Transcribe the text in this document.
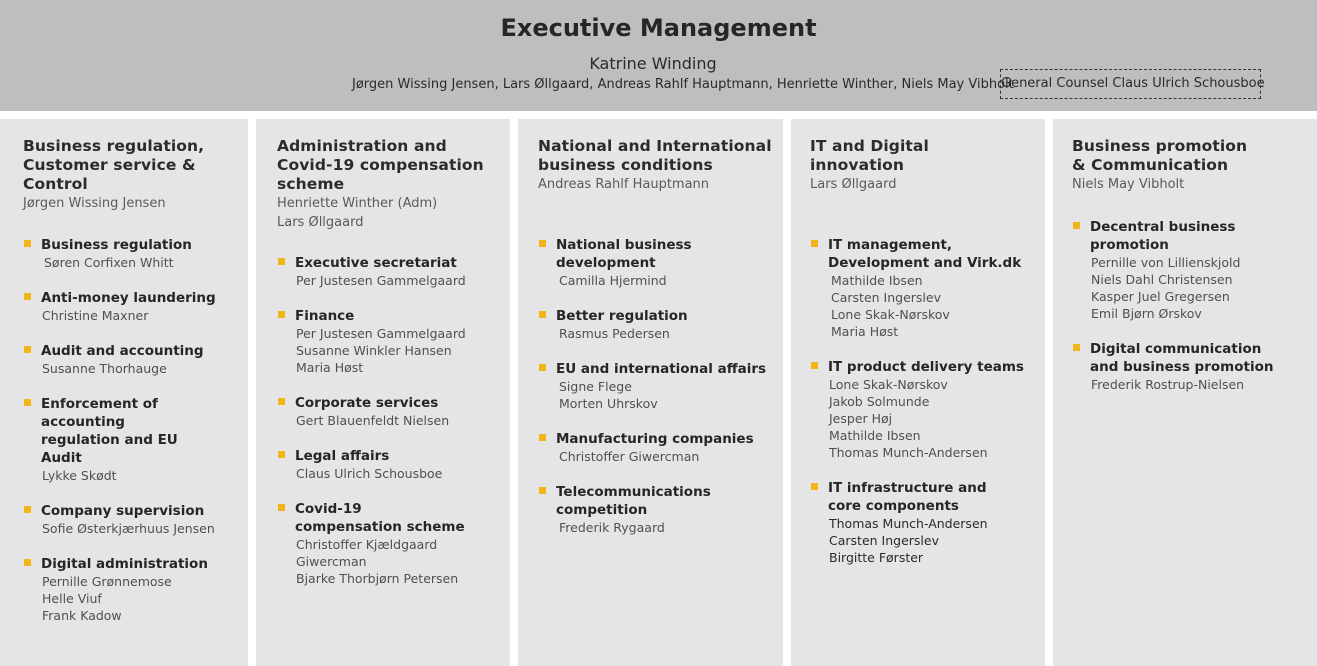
Executive Management
Katrine Winding
Jørgen Wissing Jensen, Lars Øllgaard, Andreas Rahlf Hauptmann, Henriette Winther, Niels May Vibholt
General Counsel Claus Ulrich Schousboe
Business regulation, Customer service & Control
Jørgen Wissing Jensen
Business regulation
Søren Corfixen Whitt
Anti-money laundering
Christine Maxner
Audit and accounting
Susanne Thorhauge
Enforcement of accounting regulation and EU Audit
Lykke Skødt
Company supervision
Sofie Østerkjærhuus Jensen
Digital administration
Pernille Grønnemose
Helle Viuf
Frank Kadow
Administration and Covid-19 compensation scheme
Henriette Winther (Adm)
Lars Øllgaard
Executive secretariat
Per Justesen Gammelgaard
Finance
Per Justesen Gammelgaard
Susanne Winkler Hansen
Maria Høst
Corporate services
Gert Blauenfeldt Nielsen
Legal affairs
Claus Ulrich Schousboe
Covid-19 compensation scheme
Christoffer Kjældgaard Giwercman
Bjarke Thorbjørn Petersen
National and International business conditions
Andreas Rahlf Hauptmann
National business development
Camilla Hjermind
Better regulation
Rasmus Pedersen
EU and international affairs
Signe Flege
Morten Uhrskov
Manufacturing companies
Christoffer Giwercman
Telecommunications competition
Frederik Rygaard
IT and Digital innovation
Lars Øllgaard
IT management, Development and Virk.dk
Mathilde Ibsen
Carsten Ingerslev
Lone Skak-Nørskov
Maria Høst
IT product delivery teams
Lone Skak-Nørskov
Jakob Solmunde
Jesper Høj
Mathilde Ibsen
Thomas Munch-Andersen
IT infrastructure and core components
Thomas Munch-Andersen
Carsten Ingerslev
Birgitte Førster
Business promotion & Communication
Niels May Vibholt
Decentral business promotion
Pernille von Lillienskjold
Niels Dahl Christensen
Kasper Juel Gregersen
Emil Bjørn Ørskov
Digital communication and business promotion
Frederik Rostrup-Nielsen
